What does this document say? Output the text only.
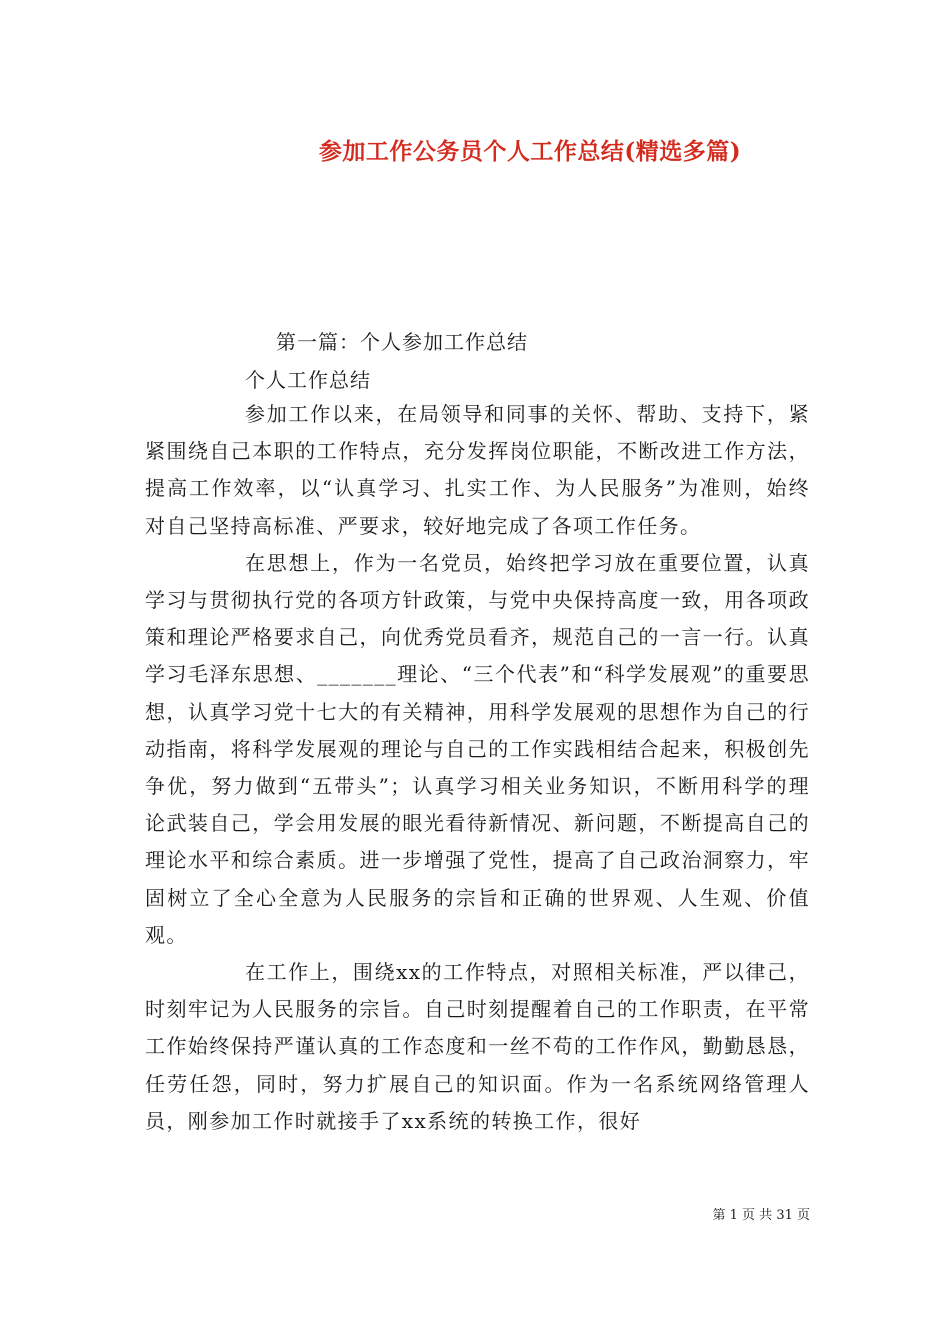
参加工作公务员个人工作总结(精选多篇)
第一篇：个人参加工作总结
个人工作总结

参加工作以来，在局领导和同事的关怀、帮助、支持下，紧紧围绕自己本职的工作特点，充分发挥岗位职能，不断改进工作方法，提高工作效率，以“认真学习、扎实工作、为人民服务”为准则，始终对自己坚持高标准、严要求，较好地完成了各项工作任务。

在思想上，作为一名党员，始终把学习放在重要位置，认真学习与贯彻执行党的各项方针政策，与党中央保持高度一致，用各项政策和理论严格要求自己，向优秀党员看齐，规范自己的一言一行。认真学习毛泽东思想、_______理论、“三个代表”和“科学发展观”的重要思想，认真学习党十七大的有关精神，用科学发展观的思想作为自己的行动指南，将科学发展观的理论与自己的工作实践相结合起来，积极创先争优，努力做到“五带头”；认真学习相关业务知识，不断用科学的理论武装自己，学会用发展的眼光看待新情况、新问题，不断提高自己的理论水平和综合素质。进一步增强了党性，提高了自己政治洞察力，牢固树立了全心全意为人民服务的宗旨和正确的世界观、人生观、价值观。

在工作上，围绕xx的工作特点，对照相关标准，严以律己，时刻牢记为人民服务的宗旨。自己时刻提醒着自己的工作职责，在平常工作始终保持严谨认真的工作态度和一丝不苟的工作作风，勤勤恳恳，任劳任怨，同时，努力扩展自己的知识面。作为一名系统网络管理人员，刚参加工作时就接手了xx系统的转换工作，很好

第 1 页 共 31 页
